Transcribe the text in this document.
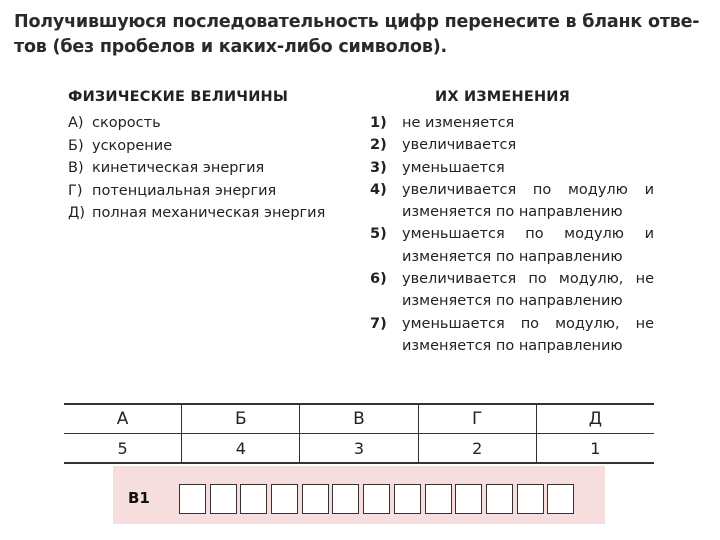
Получившуюся последовательность цифр перенесите в бланк отве-
тов (без пробелов и каких-либо символов).
ФИЗИЧЕСКИЕ ВЕЛИЧИНЫ	ИХ ИЗМЕНЕНИЯ
А) скорость
Б) ускорение
В) кинетическая энергия
Г) потенциальная энергия
Д) полная механическая энергия
1)	не изменяется
2)	увеличивается
3)	уменьшается
4)	увеличивается по модулю и изменяется по направлению
5)	уменьшается по модулю и изменяется по направлению
6)	увеличивается по модулю, не изменяется по направлению
7)	уменьшается по модулю, не изменяется по направлению
А	Б	В	Г	Д
5	4	3	2	1
В1
